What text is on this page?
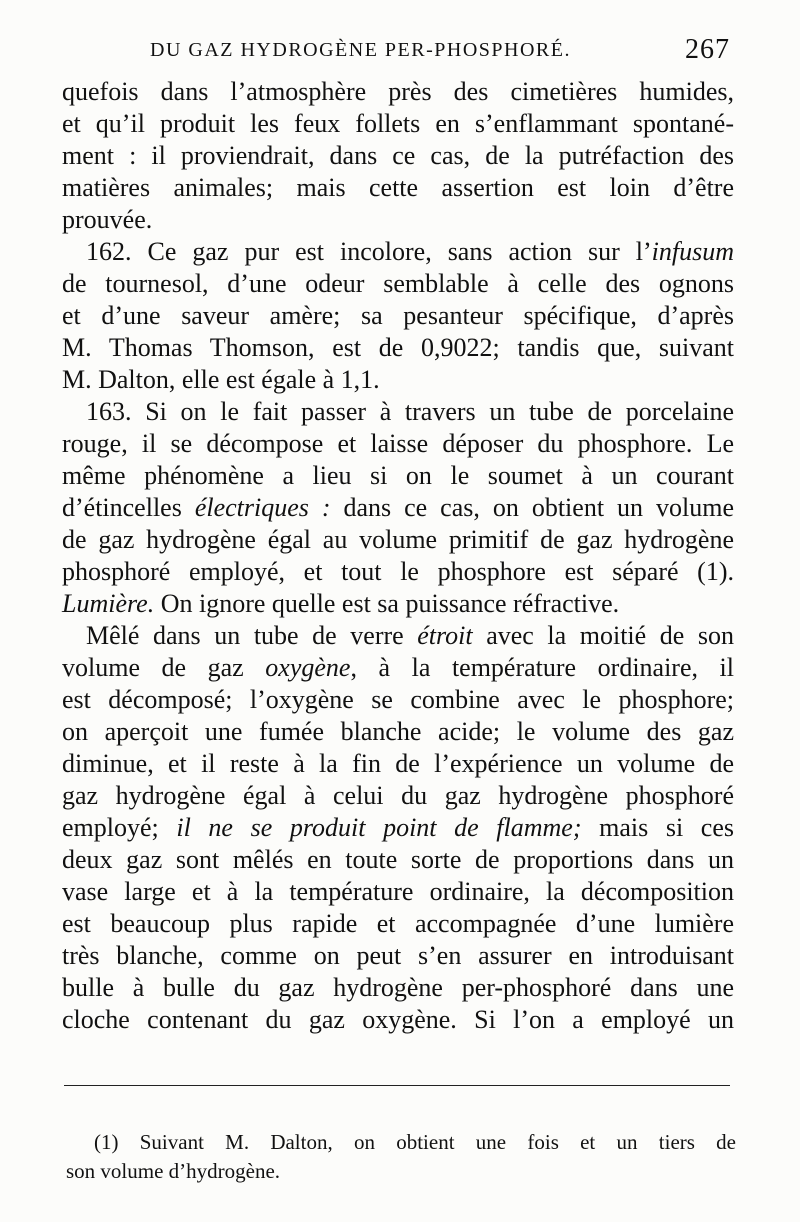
DU GAZ HYDROGÈNE PER-PHOSPHORÉ.	267
quefois dans l’atmosphère près des cimetières humides,
et qu’il produit les feux follets en s’enflammant spontané-
ment : il proviendrait, dans ce cas, de la putréfaction des
matières animales; mais cette assertion est loin d’être
prouvée.
162. Ce gaz pur est incolore, sans action sur l’infusum
de tournesol, d’une odeur semblable à celle des ognons
et d’une saveur amère; sa pesanteur spécifique, d’après
M. Thomas Thomson, est de 0,9022; tandis que, suivant
M. Dalton, elle est égale à 1,1.
163. Si on le fait passer à travers un tube de porcelaine
rouge, il se décompose et laisse déposer du phosphore. Le
même phénomène a lieu si on le soumet à un courant
d’étincelles électriques : dans ce cas, on obtient un volume
de gaz hydrogène égal au volume primitif de gaz hydrogène
phosphoré employé, et tout le phosphore est séparé (1).
Lumière. On ignore quelle est sa puissance réfractive.
Mêlé dans un tube de verre étroit avec la moitié de son
volume de gaz oxygène, à la température ordinaire, il
est décomposé; l’oxygène se combine avec le phosphore;
on aperçoit une fumée blanche acide; le volume des gaz
diminue, et il reste à la fin de l’expérience un volume de
gaz hydrogène égal à celui du gaz hydrogène phosphoré
employé; il ne se produit point de flamme; mais si ces
deux gaz sont mêlés en toute sorte de proportions dans un
vase large et à la température ordinaire, la décomposition
est beaucoup plus rapide et accompagnée d’une lumière
très blanche, comme on peut s’en assurer en introduisant
bulle à bulle du gaz hydrogène per-phosphoré dans une
cloche contenant du gaz oxygène. Si l’on a employé un
(1) Suivant M. Dalton, on obtient une fois et un tiers de
son volume d’hydrogène.
